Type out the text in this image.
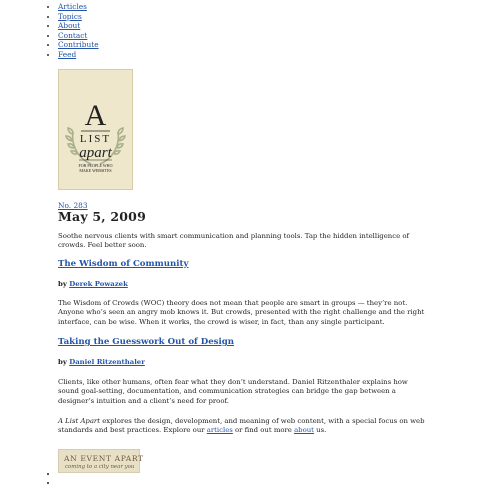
• Articles
• Topics
• About
• Contact
• Contribute
• Feed
A
LIST
apart
FOR PEOPLE WHO
MAKE WEBSITES
No. 283
May 5, 2009

Soothe nervous clients with smart communication and planning tools. Tap the hidden intelligence of crowds. Feel better soon.

The Wisdom of Community

by Derek Powazek

The Wisdom of Crowds (WOC) theory does not mean that people are smart in groups — they’re not. Anyone who’s seen an angry mob knows it. But crowds, presented with the right challenge and the right interface, can be wise. When it works, the crowd is wiser, in fact, than any single participant.

Taking the Guesswork Out of Design

by Daniel Ritzenthaler

Clients, like other humans, often fear what they don’t understand. Daniel Ritzenthaler explains how sound goal-setting, documentation, and communication strategies can bridge the gap between a designer’s intuition and a client’s need for proof.

A List Apart explores the design, development, and meaning of web content, with a special focus on web standards and best practices. Explore our articles or find out more about us.

AN EVENT APART
coming to a city near you
